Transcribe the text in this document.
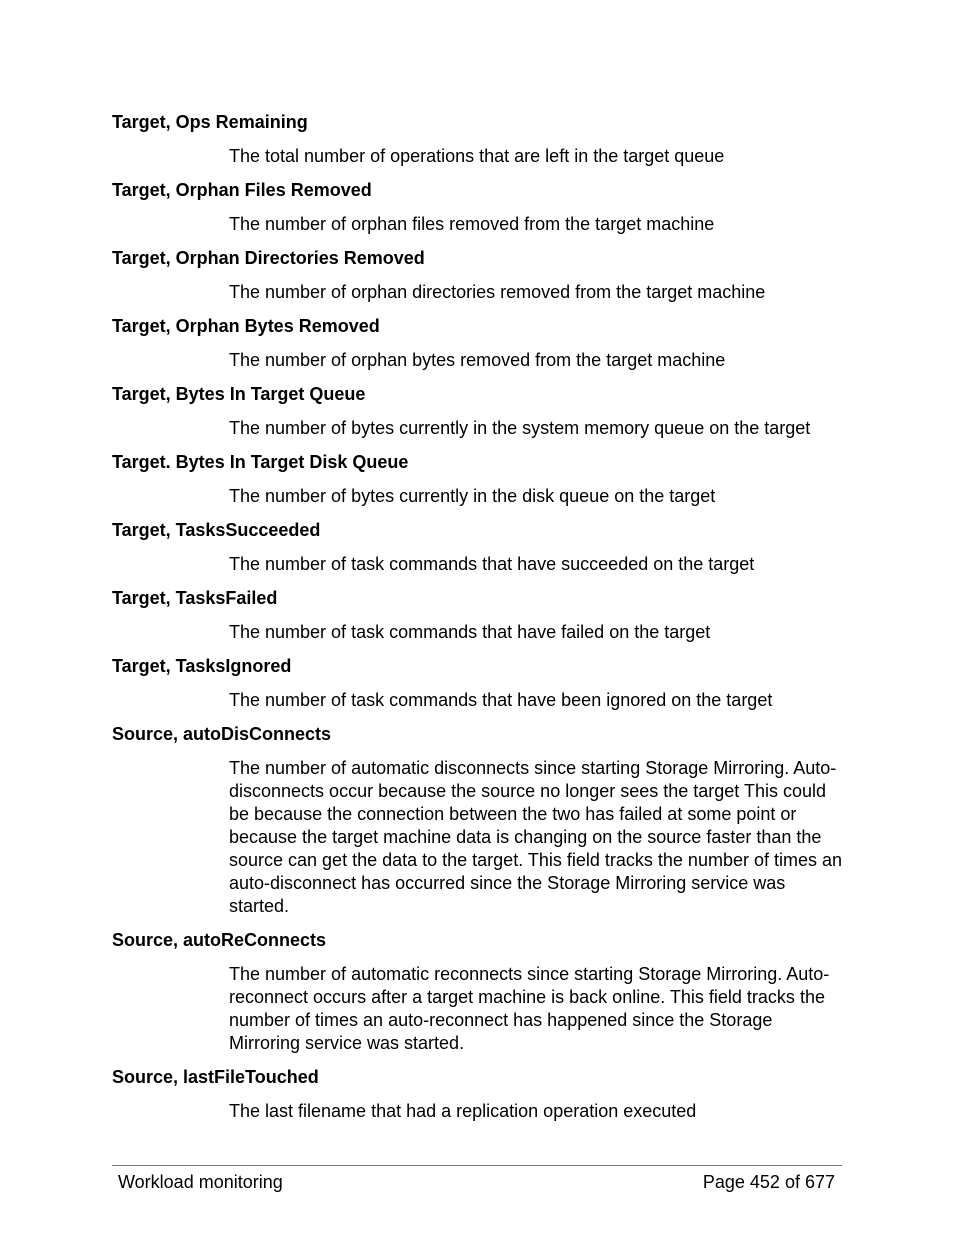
Target, Ops Remaining

The total number of operations that are left in the target queue

Target, Orphan Files Removed

The number of orphan files removed from the target machine

Target, Orphan Directories Removed

The number of orphan directories removed from the target machine

Target, Orphan Bytes Removed

The number of orphan bytes removed from the target machine

Target, Bytes In Target Queue

The number of bytes currently in the system memory queue on the target

Target. Bytes In Target Disk Queue

The number of bytes currently in the disk queue on the target

Target, TasksSucceeded

The number of task commands that have succeeded on the target

Target, TasksFailed

The number of task commands that have failed on the target

Target, TasksIgnored

The number of task commands that have been ignored on the target

Source, autoDisConnects

The number of automatic disconnects since starting Storage Mirroring. Auto-disconnects occur because the source no longer sees the target This could be because the connection between the two has failed at some point or because the target machine data is changing on the source faster than the source can get the data to the target. This field tracks the number of times an auto-disconnect has occurred since the Storage Mirroring service was started.

Source, autoReConnects

The number of automatic reconnects since starting Storage Mirroring. Auto-reconnect occurs after a target machine is back online. This field tracks the number of times an auto-reconnect has happened since the Storage Mirroring service was started.

Source, lastFileTouched

The last filename that had a replication operation executed

Workload monitoring	Page 452 of 677
